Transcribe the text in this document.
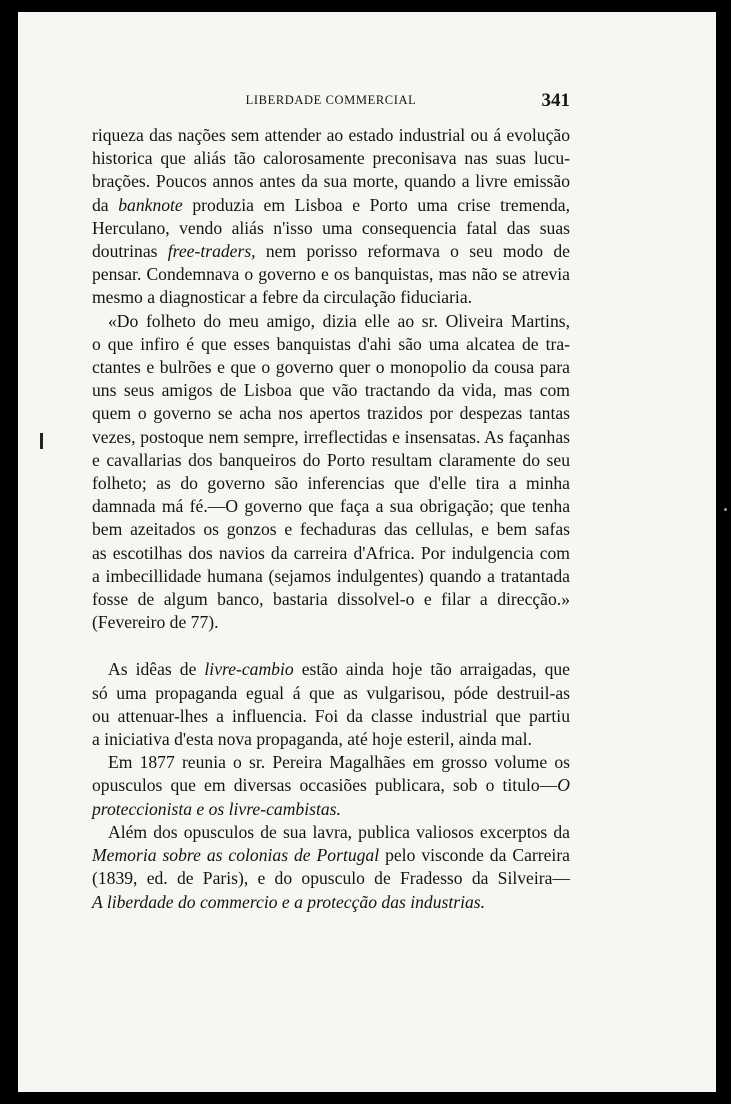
LIBERDADE COMMERCIAL	341

riqueza das nações sem attender ao estado industrial ou á evolução
historica que aliás tão calorosamente preconisava nas suas lucu-
brações. Poucos annos antes da sua morte, quando a livre emissão
da banknote produzia em Lisboa e Porto uma crise tremenda,
Herculano, vendo aliás n'isso uma consequencia fatal das suas
doutrinas free-traders, nem porisso reformava o seu modo de
pensar. Condemnava o governo e os banquistas, mas não se atrevia
mesmo a diagnosticar a febre da circulação fiduciaria.

«Do folheto do meu amigo, dizia elle ao sr. Oliveira Martins,
o que infiro é que esses banquistas d'ahi são uma alcatea de tra-
ctantes e bulrões e que o governo quer o monopolio da cousa para
uns seus amigos de Lisboa que vão tractando da vida, mas com
quem o governo se acha nos apertos trazidos por despezas tantas
vezes, postoque nem sempre, irreflectidas e insensatas. As façanhas
e cavallarias dos banqueiros do Porto resultam claramente do seu
folheto; as do governo são inferencias que d'elle tira a minha
damnada má fé.—O governo que faça a sua obrigação; que tenha
bem azeitados os gonzos e fechaduras das cellulas, e bem safas
as escotilhas dos navios da carreira d'Africa. Por indulgencia com
a imbecillidade humana (sejamos indulgentes) quando a tratantada
fosse de algum banco, bastaria dissolvel-o e filar a direcção.»
(Fevereiro de 77).

As idêas de livre-cambio estão ainda hoje tão arraigadas, que
só uma propaganda egual á que as vulgarisou, póde destruil-as
ou attenuar-lhes a influencia. Foi da classe industrial que partiu
a iniciativa d'esta nova propaganda, até hoje esteril, ainda mal.

Em 1877 reunia o sr. Pereira Magalhães em grosso volume os
opusculos que em diversas occasiões publicara, sob o titulo—O
proteccionista e os livre-cambistas.

Além dos opusculos de sua lavra, publica valiosos excerptos da
Memoria sobre as colonias de Portugal pelo visconde da Carreira
(1839, ed. de Paris), e do opusculo de Fradesso da Silveira—
A liberdade do commercio e a protecção das industrias.
